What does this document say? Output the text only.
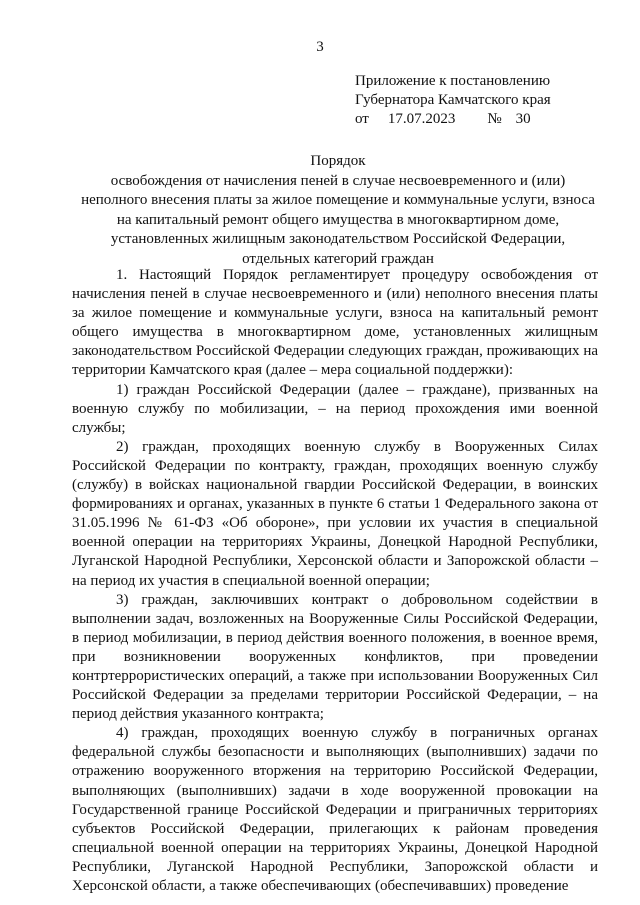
3
Приложение к постановлению
Губернатора Камчатского края
от 17.07.2023 № 30
Порядок
освобождения от начисления пеней в случае несвоевременного и (или)
неполного внесения платы за жилое помещение и коммунальные услуги, взноса
на капитальный ремонт общего имущества в многоквартирном доме,
установленных жилищным законодательством Российской Федерации,
отдельных категорий граждан

1. Настоящий Порядок регламентирует процедуру освобождения от начисления пеней в случае несвоевременного и (или) неполного внесения платы за жилое помещение и коммунальные услуги, взноса на капитальный ремонт общего имущества в многоквартирном доме, установленных жилищным законодательством Российской Федерации следующих граждан, проживающих на территории Камчатского края (далее – мера социальной поддержки):

1) граждан Российской Федерации (далее – граждане), призванных на военную службу по мобилизации, – на период прохождения ими военной службы;

2) граждан, проходящих военную службу в Вооруженных Силах Российской Федерации по контракту, граждан, проходящих военную службу (службу) в войсках национальной гвардии Российской Федерации, в воинских формированиях и органах, указанных в пункте 6 статьи 1 Федерального закона от 31.05.1996 № 61-ФЗ «Об обороне», при условии их участия в специальной военной операции на территориях Украины, Донецкой Народной Республики, Луганской Народной Республики, Херсонской области и Запорожской области – на период их участия в специальной военной операции;

3) граждан, заключивших контракт о добровольном содействии в выполнении задач, возложенных на Вооруженные Силы Российской Федерации, в период мобилизации, в период действия военного положения, в военное время, при возникновении вооруженных конфликтов, при проведении контртеррористических операций, а также при использовании Вооруженных Сил Российской Федерации за пределами территории Российской Федерации, – на период действия указанного контракта;

4) граждан, проходящих военную службу в пограничных органах федеральной службы безопасности и выполняющих (выполнивших) задачи по отражению вооруженного вторжения на территорию Российской Федерации, выполняющих (выполнивших) задачи в ходе вооруженной провокации на Государственной границе Российской Федерации и приграничных территориях субъектов Российской Федерации, прилегающих к районам проведения специальной военной операции на территориях Украины, Донецкой Народной Республики, Луганской Народной Республики, Запорожской области и Херсонской области, а также обеспечивающих (обеспечивавших) проведение
